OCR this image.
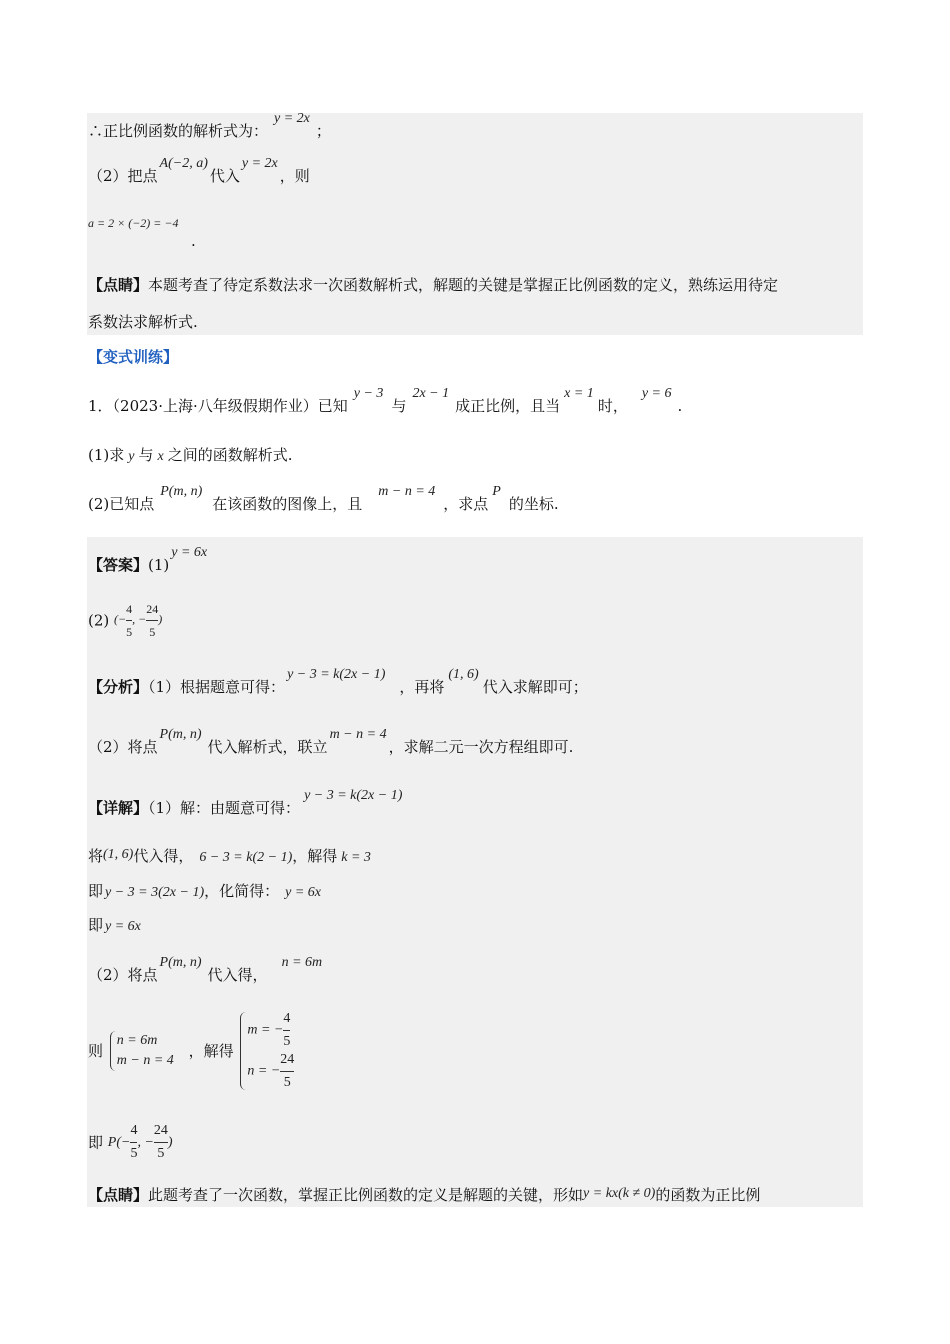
∴正比例函数的解析式为：y = 2x；
（2）把点A(−2, a)代入y = 2x，则
a = 2 × (−2) = −4
.
【点睛】本题考查了待定系数法求一次函数解析式，解题的关键是掌握正比例函数的定义，熟练运用待定
系数法求解析式.
【变式训练】
1．（2023·上海·八年级假期作业）已知y − 3与2x − 1成正比例，且当x = 1时，y = 6.
(1)求 y 与 x 之间的函数解析式.
(2)已知点P(m, n)在该函数的图像上，且m − n = 4，求点P的坐标.
【答案】(1)y = 6x
(2) (− $\frac{4}{5}$ , − $\frac{24}{5}$ )
【分析】（1）根据题意可得：y − 3 = k(2x − 1)，再将(1, 6)代入求解即可；
（2）将点P(m, n)代入解析式，联立m − n = 4，求解二元一次方程组即可.
【详解】（1）解：由题意可得：y − 3 = k(2x − 1)
将(1, 6)代入得， 6 − 3 = k(2 − 1)，解得 k = 3
即 y − 3 = 3(2x − 1)，化简得： y = 6x
即 y = 6x
（2）将点P(m, n)代入得，n = 6m
则
n = 6m
m − n = 4
，解得
m = − $\frac{4}{5}$
n = − $\frac{24}{5}$
即 $P(- \frac{4}{5}$ , − $\frac{24}{5}$ )
【点睛】此题考查了一次函数，掌握正比例函数的定义是解题的关键，形如y = kx(k ≠ 0)的函数为正比例
